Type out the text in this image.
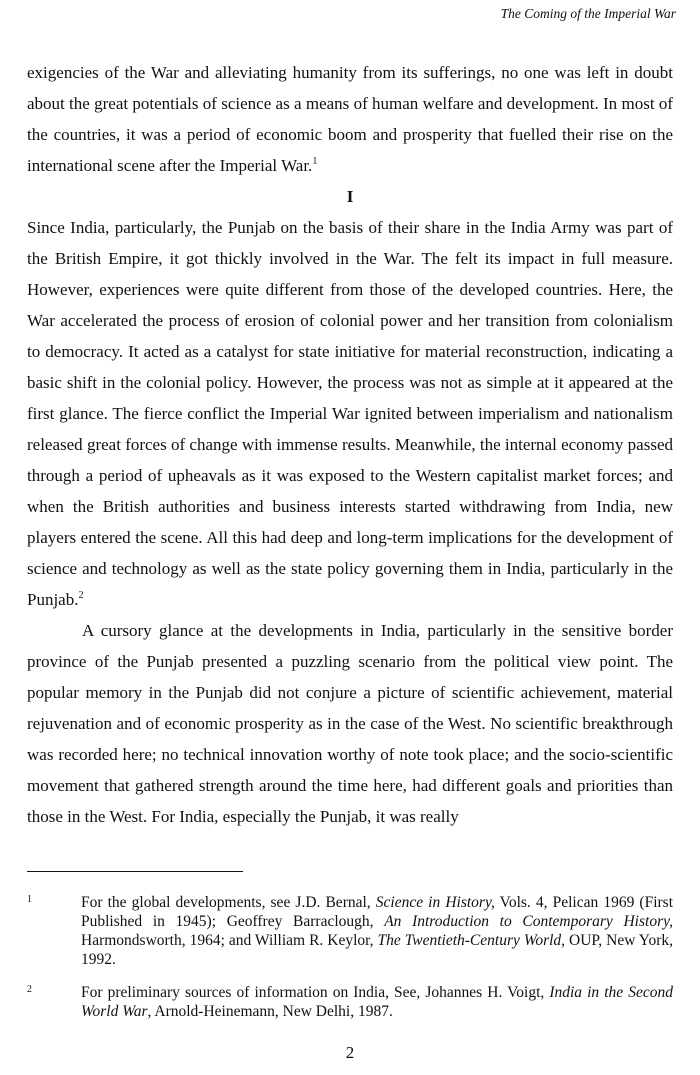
The Coming of the Imperial War

exigencies of the War and alleviating humanity from its sufferings, no one was left in doubt about the great potentials of science as a means of human welfare and development. In most of the countries, it was a period of economic boom and prosperity that fuelled their rise on the international scene after the Imperial War.$^1$

I

Since India, particularly, the Punjab on the basis of their share in the India Army was part of the British Empire, it got thickly involved in the War. The felt its impact in full measure. However, experiences were quite different from those of the developed countries. Here, the War accelerated the process of erosion of colonial power and her transition from colonialism to democracy. It acted as a catalyst for state initiative for material reconstruction, indicating a basic shift in the colonial policy. However, the process was not as simple at it appeared at the first glance. The fierce conflict the Imperial War ignited between imperialism and nationalism released great forces of change with immense results. Meanwhile, the internal economy passed through a period of upheavals as it was exposed to the Western capitalist market forces; and when the British authorities and business interests started withdrawing from India, new players entered the scene. All this had deep and long-term implications for the development of science and technology as well as the state policy governing them in India, particularly in the Punjab.$^2$

A cursory glance at the developments in India, particularly in the sensitive border province of the Punjab presented a puzzling scenario from the political view point. The popular memory in the Punjab did not conjure a picture of scientific achievement, material rejuvenation and of economic prosperity as in the case of the West. No scientific breakthrough was recorded here; no technical innovation worthy of note took place; and the socio-scientific movement that gathered strength around the time here, had different goals and priorities than those in the West. For India, especially the Punjab, it was really

1	For the global developments, see J.D. Bernal, Science in History, Vols. 4, Pelican 1969 (First Published in 1945); Geoffrey Barraclough, An Introduction to Contemporary History, Harmondsworth, 1964; and William R. Keylor, The Twentieth-Century World, OUP, New York, 1992.
2	For preliminary sources of information on India, See, Johannes H. Voigt, India in the Second World War, Arnold-Heinemann, New Delhi, 1987.
2
